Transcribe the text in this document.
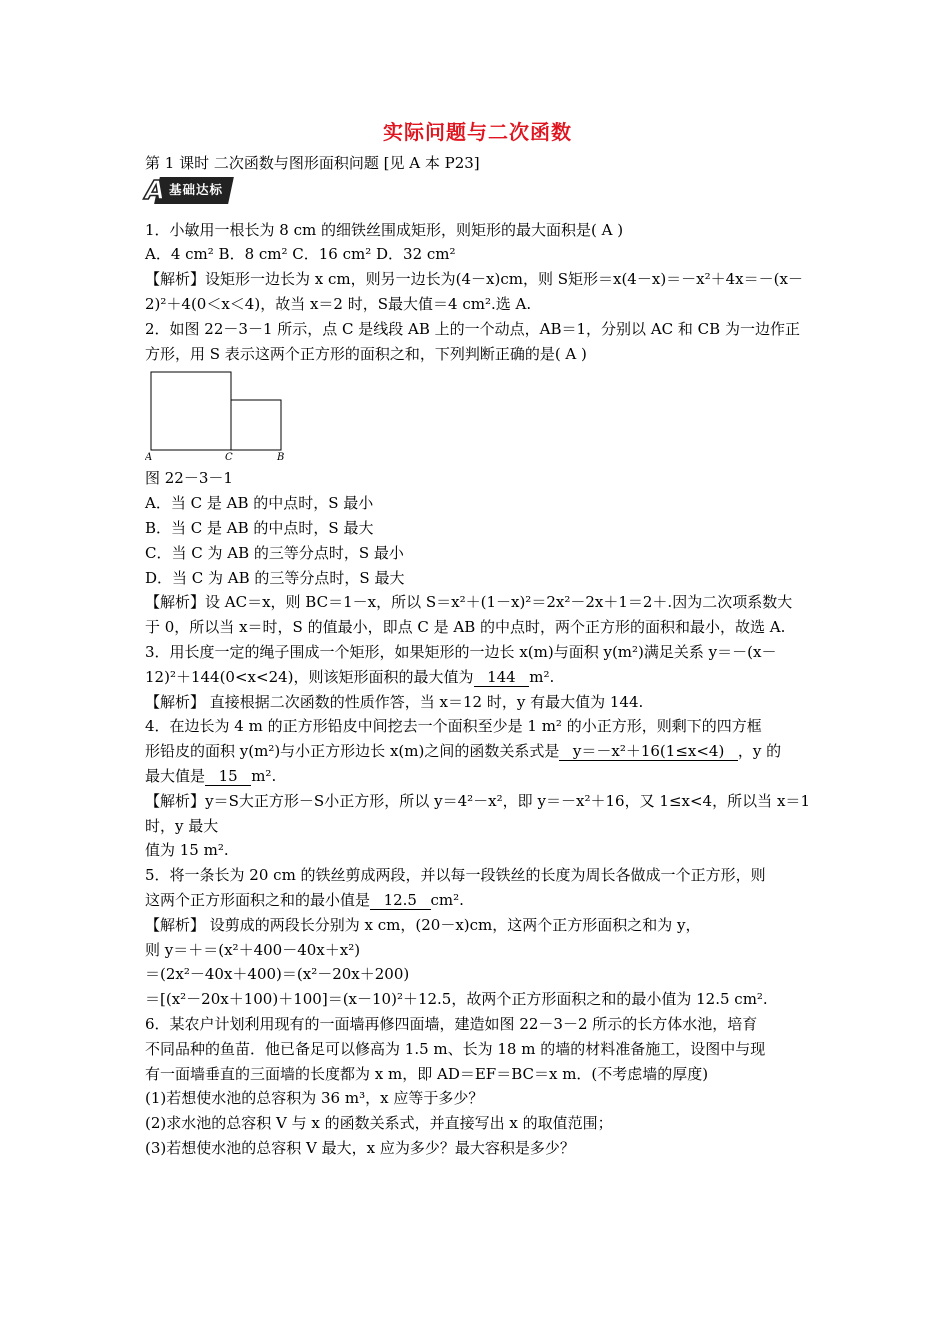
实际问题与二次函数

第 1 课时 二次函数与图形面积问题 [见 A 本 P23]

A 基础达标

1．小敏用一根长为 8 cm 的细铁丝围成矩形，则矩形的最大面积是( A )

A．4 cm² B．8 cm² C．16 cm² D．32 cm²

【解析】设矩形一边长为 x cm，则另一边长为(4－x)cm，则 S矩形＝x(4－x)＝－x²＋4x＝－(x－

2)²＋4(0＜x＜4)，故当 x＝2 时，S最大值＝4 cm².选 A.

2．如图 22－3－1 所示，点 C 是线段 AB 上的一个动点，AB＝1，分别以 AC 和 CB 为一边作正

方形，用 S 表示这两个正方形的面积之和，下列判断正确的是( A )

A	C	B

图 22－3－1

A．当 C 是 AB 的中点时，S 最小

B．当 C 是 AB 的中点时，S 最大

C．当 C 为 AB 的三等分点时，S 最小

D．当 C 为 AB 的三等分点时，S 最大

【解析】设 AC＝x，则 BC＝1－x，所以 S＝x²＋(1－x)²＝2x²－2x＋1＝2＋.因为二次项系数大

于 0，所以当 x＝时，S 的值最小，即点 C 是 AB 的中点时，两个正方形的面积和最小，故选 A.

3．用长度一定的绳子围成一个矩形，如果矩形的一边长 x(m)与面积 y(m²)满足关系 y＝－(x－

12)²＋144(0<x<24)，则该矩形面积的最大值为 144 m².

【解析】 直接根据二次函数的性质作答，当 x＝12 时，y 有最大值为 144.

4．在边长为 4 m 的正方形铅皮中间挖去一个面积至少是 1 m² 的小正方形，则剩下的四方框

形铅皮的面积 y(m²)与小正方形边长 x(m)之间的函数关系式是 y＝－x²＋16(1≤x<4) ，y 的

最大值是 15 m².

【解析】y＝S大正方形－S小正方形，所以 y＝4²－x²，即 y＝－x²＋16，又 1≤x<4，所以当 x＝1 时，y 最大

值为 15 m².

5．将一条长为 20 cm 的铁丝剪成两段，并以每一段铁丝的长度为周长各做成一个正方形，则

这两个正方形面积之和的最小值是 12.5 cm².

【解析】 设剪成的两段长分别为 x cm，(20－x)cm，这两个正方形面积之和为 y，

则 y＝＋＝(x²＋400－40x＋x²)

＝(2x²－40x＋400)＝(x²－20x＋200)

＝[(x²－20x＋100)＋100]＝(x－10)²＋12.5，故两个正方形面积之和的最小值为 12.5 cm².

6．某农户计划利用现有的一面墙再修四面墙，建造如图 22－3－2 所示的长方体水池，培育

不同品种的鱼苗．他已备足可以修高为 1.5 m、长为 18 m 的墙的材料准备施工，设图中与现

有一面墙垂直的三面墙的长度都为 x m，即 AD＝EF＝BC＝x m．(不考虑墙的厚度)

(1)若想使水池的总容积为 36 m³，x 应等于多少？

(2)求水池的总容积 V 与 x 的函数关系式，并直接写出 x 的取值范围；

(3)若想使水池的总容积 V 最大，x 应为多少？最大容积是多少？
